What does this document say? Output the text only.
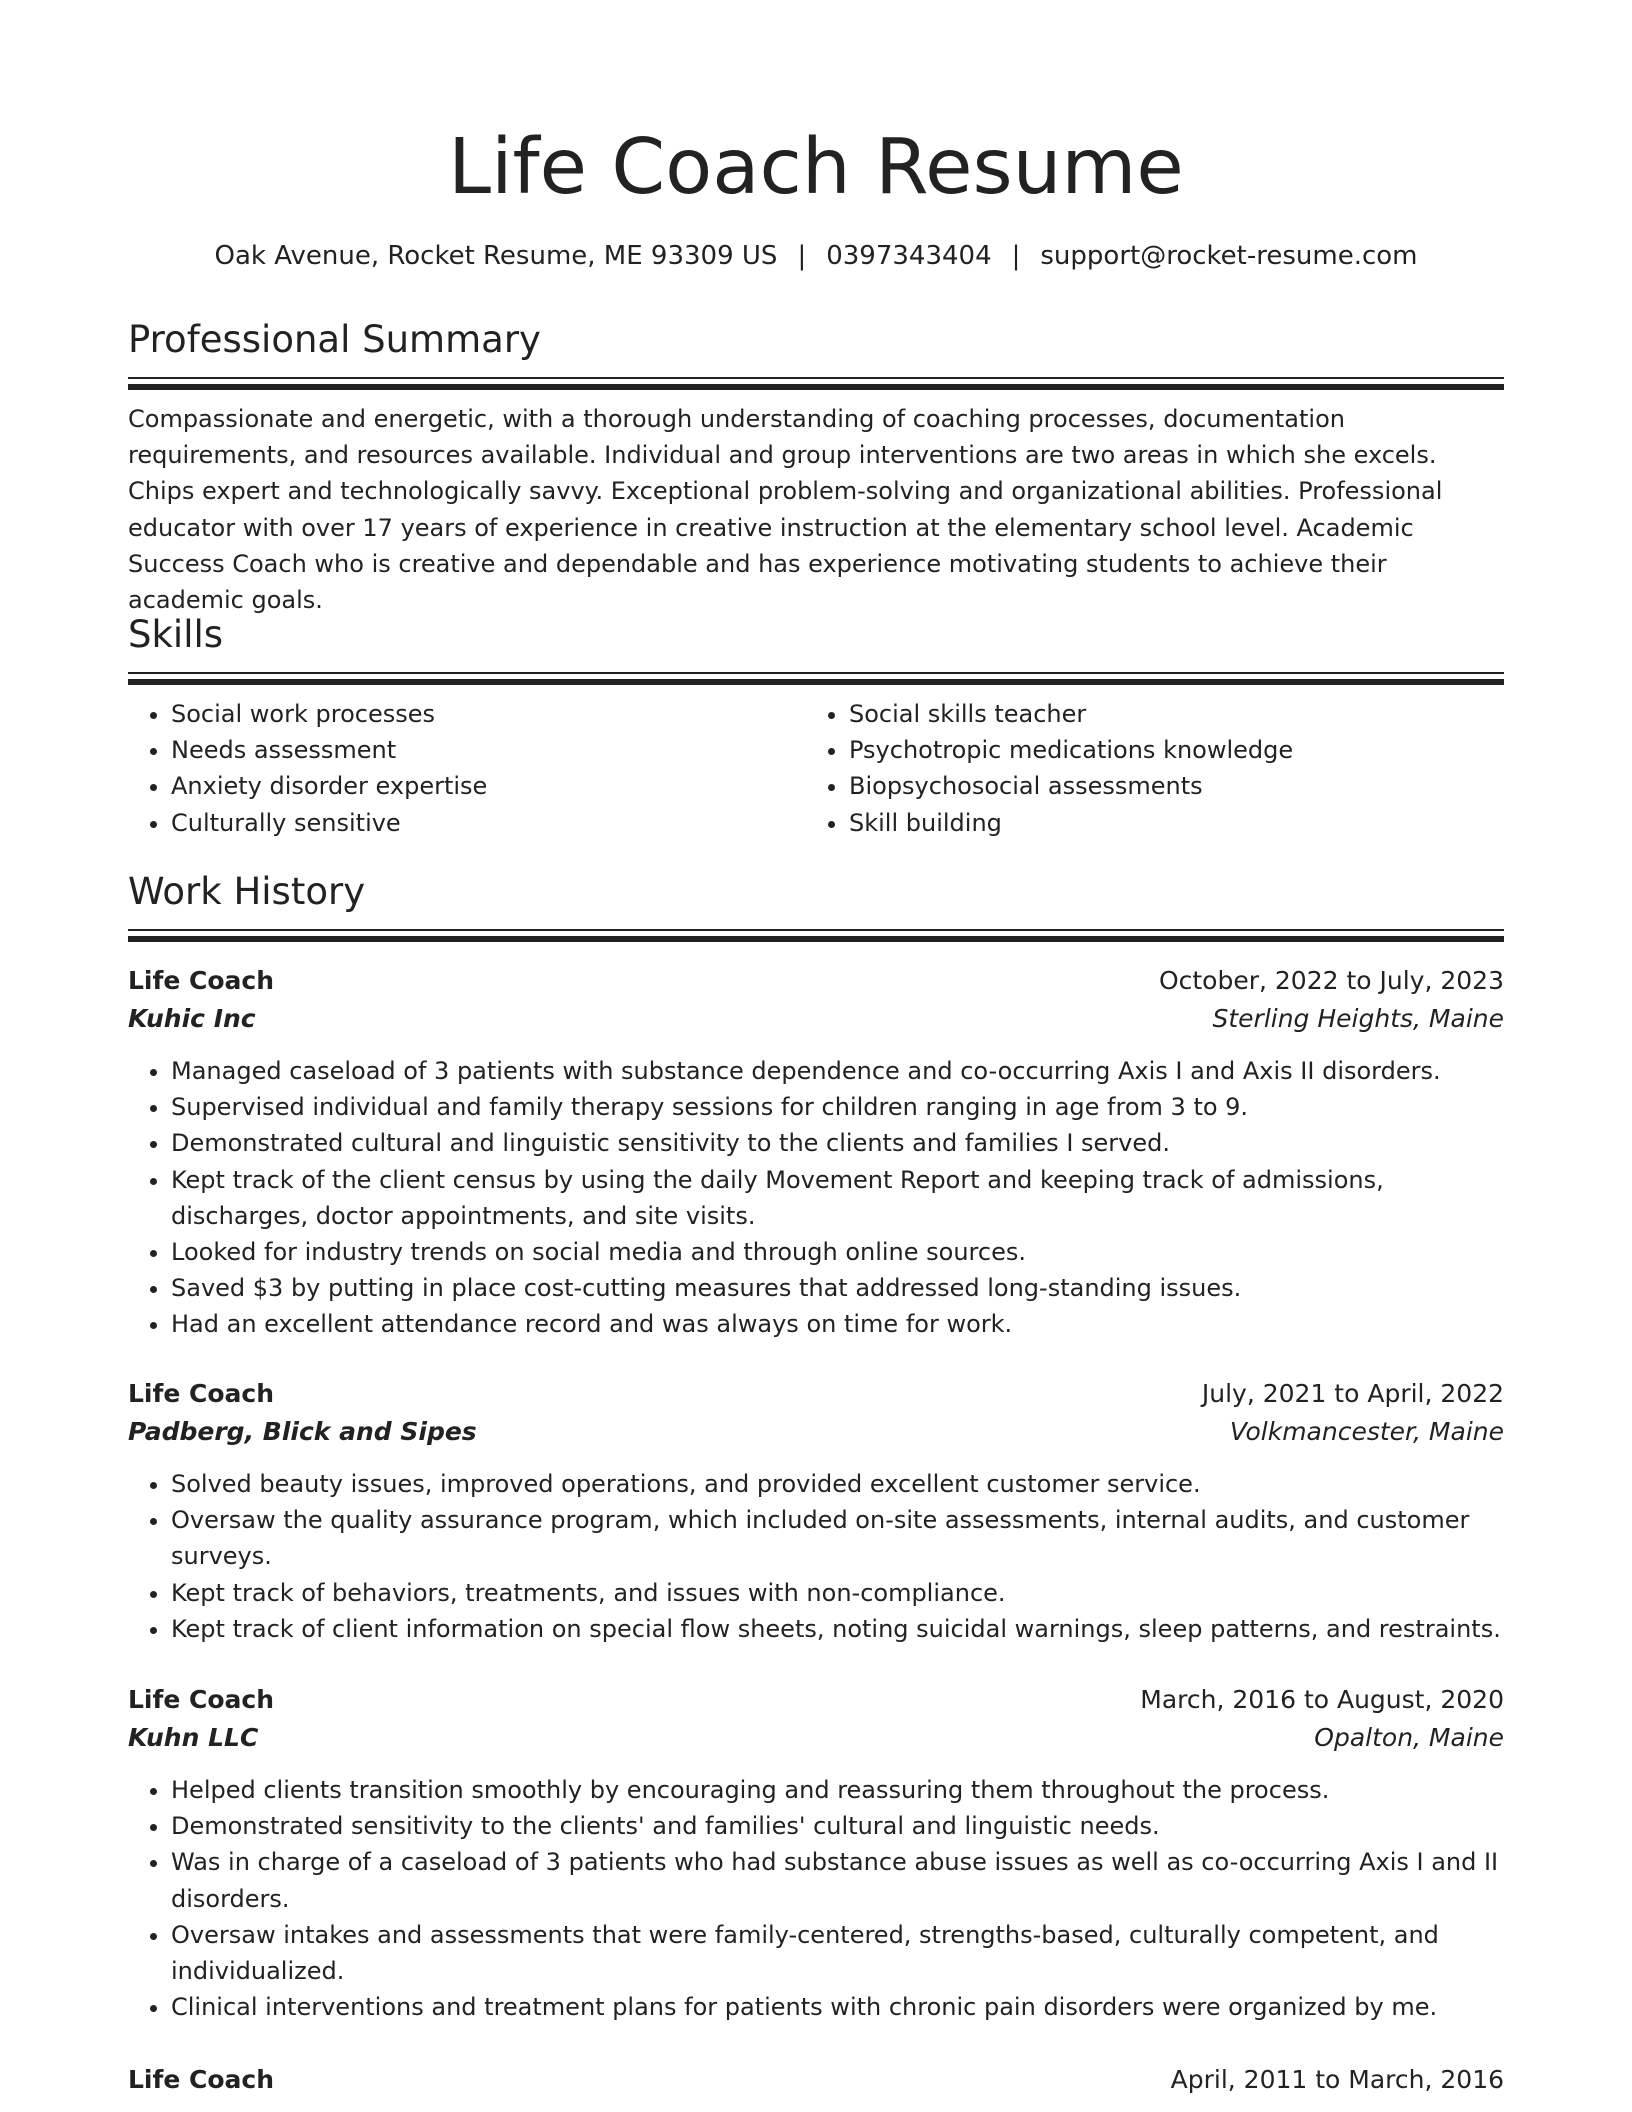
Life Coach Resume
Oak Avenue, Rocket Resume, ME 93309 US | 0397343404 | support@rocket-resume.com
Professional Summary

Compassionate and energetic, with a thorough understanding of coaching processes, documentation requirements, and resources available. Individual and group interventions are two areas in which she excels. Chips expert and technologically savvy. Exceptional problem-solving and organizational abilities. Professional educator with over 17 years of experience in creative instruction at the elementary school level. Academic Success Coach who is creative and dependable and has experience motivating students to achieve their academic goals.

Skills
• Social work processes
• Needs assessment
• Anxiety disorder expertise
• Culturally sensitive
• Social skills teacher
• Psychotropic medications knowledge
• Biopsychosocial assessments
• Skill building
Work History
Life Coach	October, 2022 to July, 2023
Kuhic Inc	Sterling Heights, Maine
• Managed caseload of 3 patients with substance dependence and co-occurring Axis I and Axis II disorders.
• Supervised individual and family therapy sessions for children ranging in age from 3 to 9.
• Demonstrated cultural and linguistic sensitivity to the clients and families I served.
• Kept track of the client census by using the daily Movement Report and keeping track of admissions, discharges, doctor appointments, and site visits.
• Looked for industry trends on social media and through online sources.
• Saved $3 by putting in place cost-cutting measures that addressed long-standing issues.
• Had an excellent attendance record and was always on time for work.
Life Coach	July, 2021 to April, 2022
Padberg, Blick and Sipes	Volkmancester, Maine
• Solved beauty issues, improved operations, and provided excellent customer service.
• Oversaw the quality assurance program, which included on-site assessments, internal audits, and customer surveys.
• Kept track of behaviors, treatments, and issues with non-compliance.
• Kept track of client information on special flow sheets, noting suicidal warnings, sleep patterns, and restraints.
Life Coach	March, 2016 to August, 2020
Kuhn LLC	Opalton, Maine
• Helped clients transition smoothly by encouraging and reassuring them throughout the process.
• Demonstrated sensitivity to the clients' and families' cultural and linguistic needs.
• Was in charge of a caseload of 3 patients who had substance abuse issues as well as co-occurring Axis I and II disorders.
• Oversaw intakes and assessments that were family-centered, strengths-based, culturally competent, and individualized.
• Clinical interventions and treatment plans for patients with chronic pain disorders were organized by me.
Life Coach	April, 2011 to March, 2016
